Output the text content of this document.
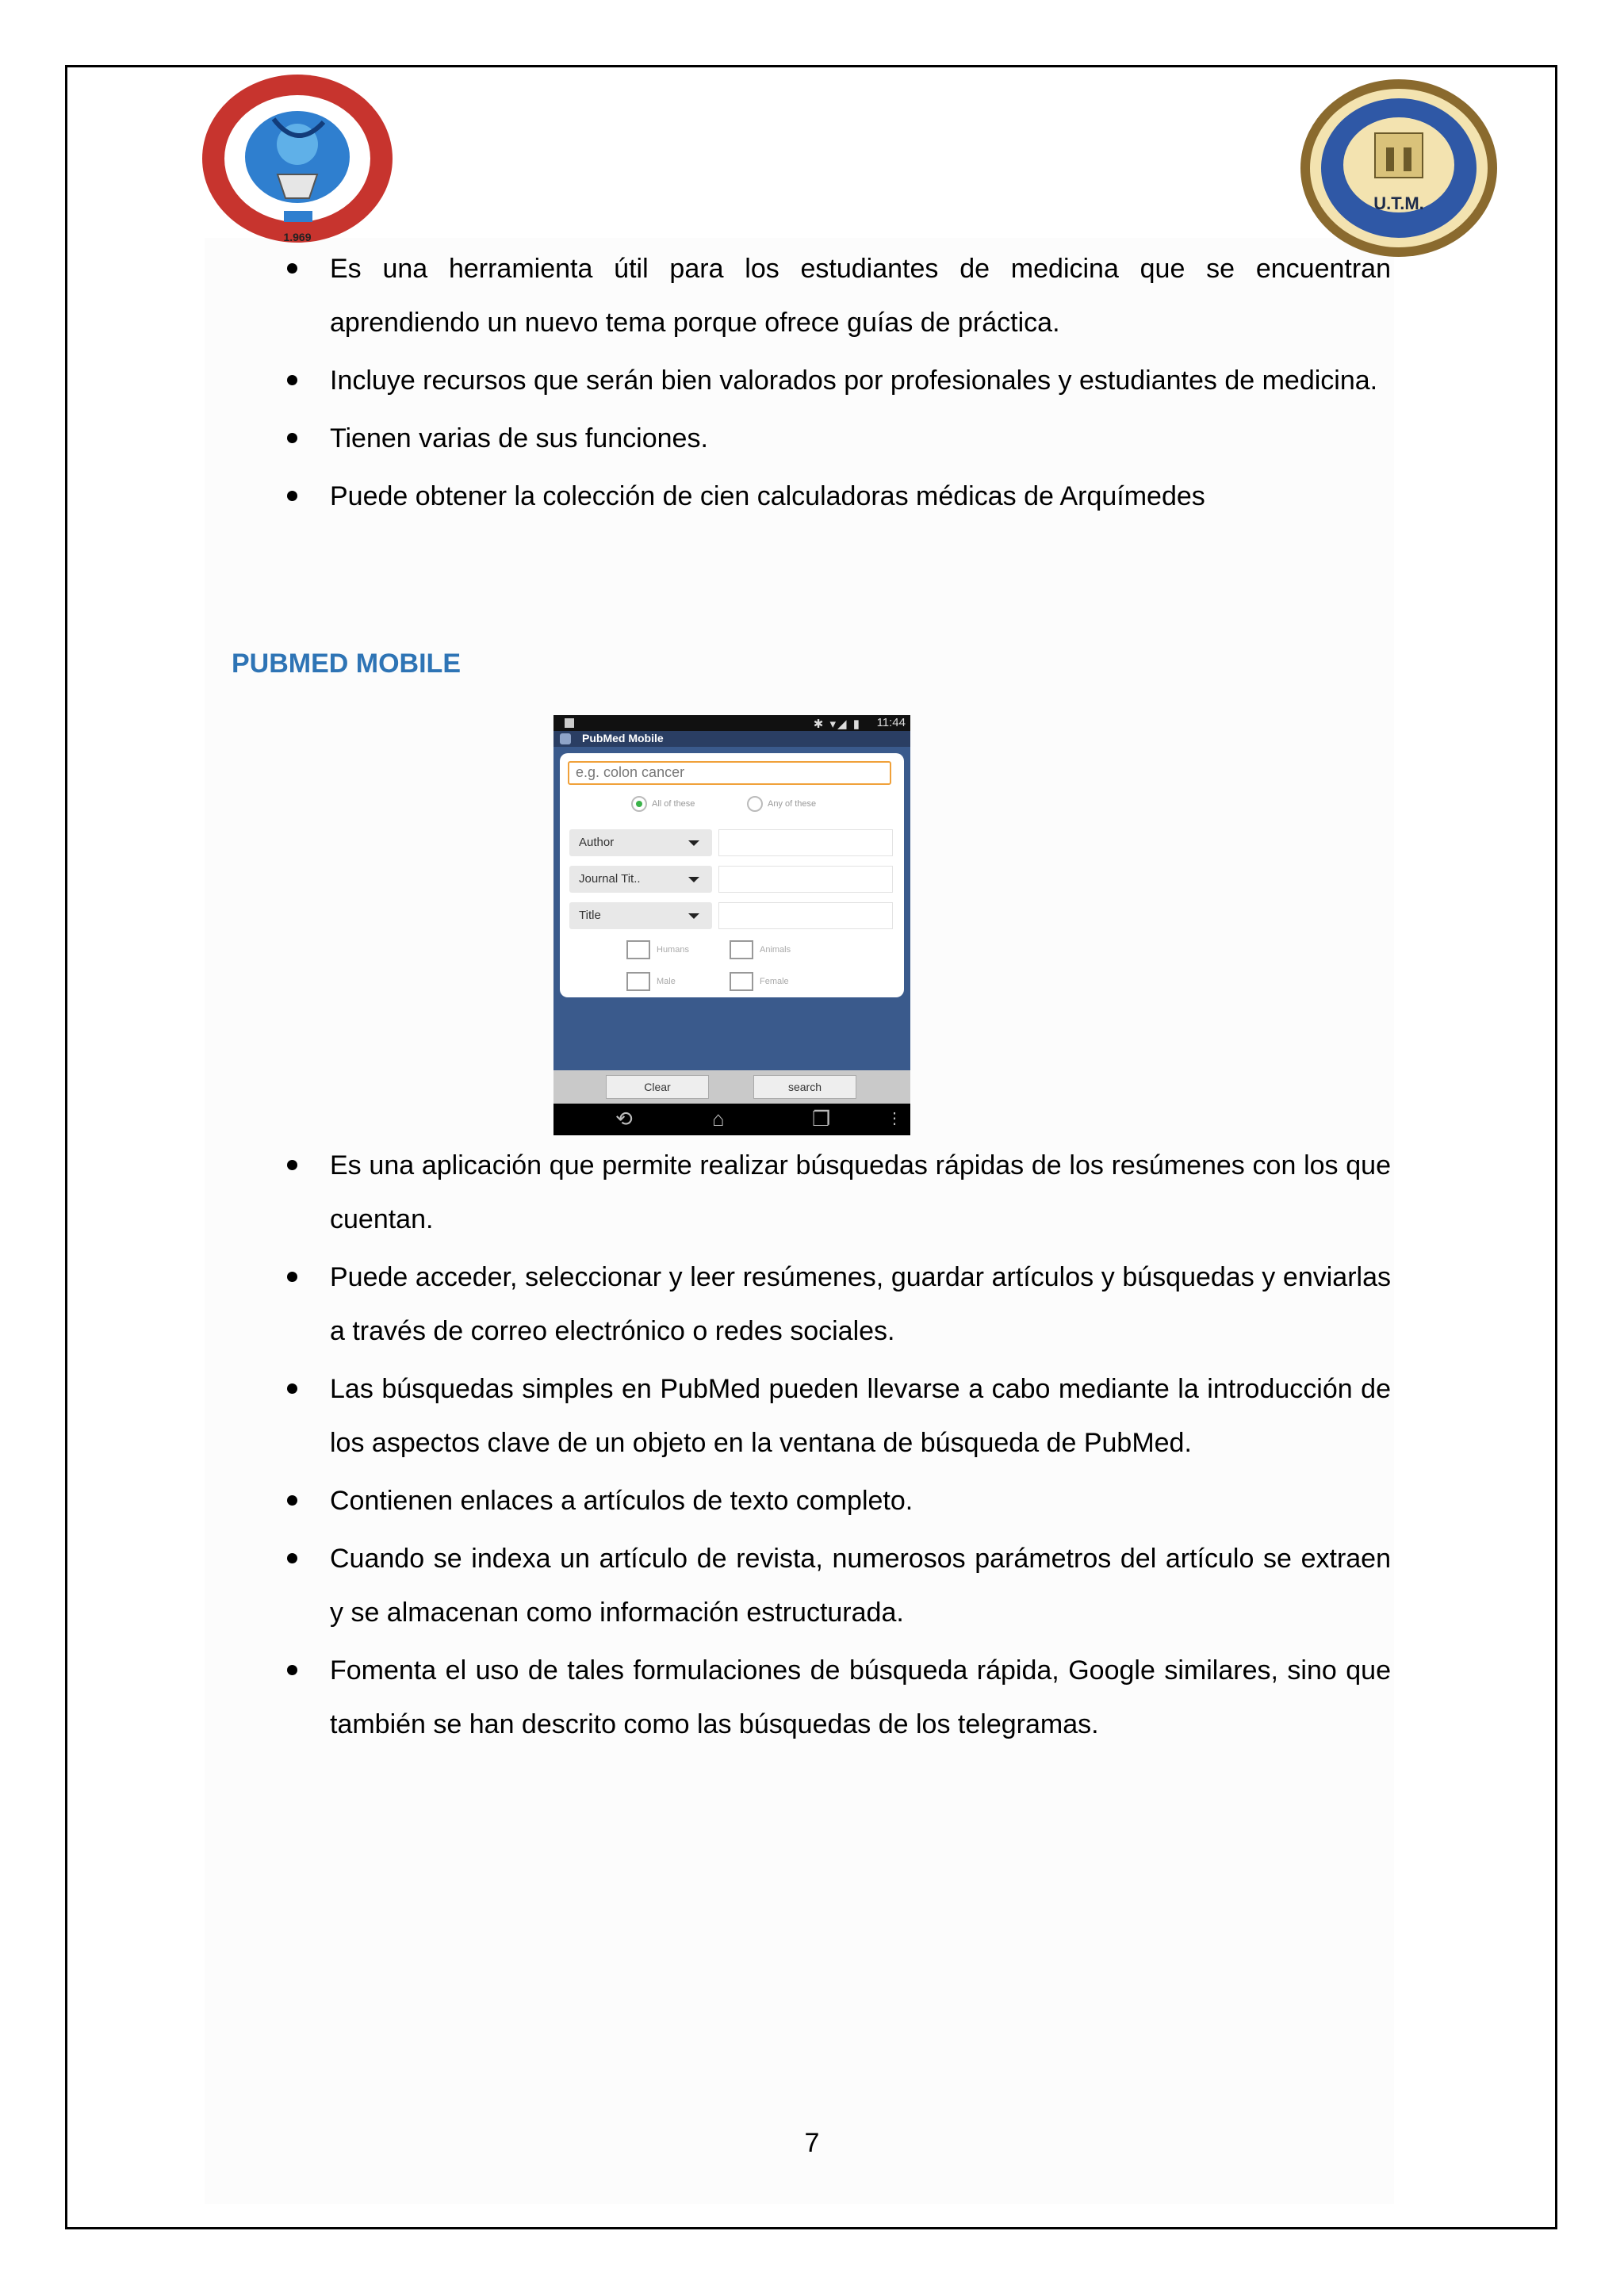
1.969
U.T.M.
Es una herramienta útil para los estudiantes de medicina que se encuentran aprendiendo un nuevo tema porque ofrece guías de práctica.
Incluye recursos que serán bien valorados por profesionales y estudiantes de medicina.
Tienen varias de sus funciones.
Puede obtener la colección de cien calculadoras médicas de Arquímedes
PUBMED MOBILE
✱ ▾◢ ▮ 11:44
PubMed Mobile
e.g. colon cancer
All of these	Any of these
Author
Journal Tit..
Title
Humans	Animals
Male	Female
Clear	search
⟲	⌂	❐	⋮
Es una aplicación que permite realizar búsquedas rápidas de los resúmenes con los que cuentan.
Puede acceder, seleccionar y leer resúmenes, guardar artículos y búsquedas y enviarlas a través de correo electrónico o redes sociales.
Las búsquedas simples en PubMed pueden llevarse a cabo mediante la introducción de los aspectos clave de un objeto en la ventana de búsqueda de PubMed.
Contienen enlaces a artículos de texto completo.
Cuando se indexa un artículo de revista, numerosos parámetros del artículo se extraen y se almacenan como información estructurada.
Fomenta el uso de tales formulaciones de búsqueda rápida, Google similares, sino que también se han descrito como las búsquedas de los telegramas.
7
